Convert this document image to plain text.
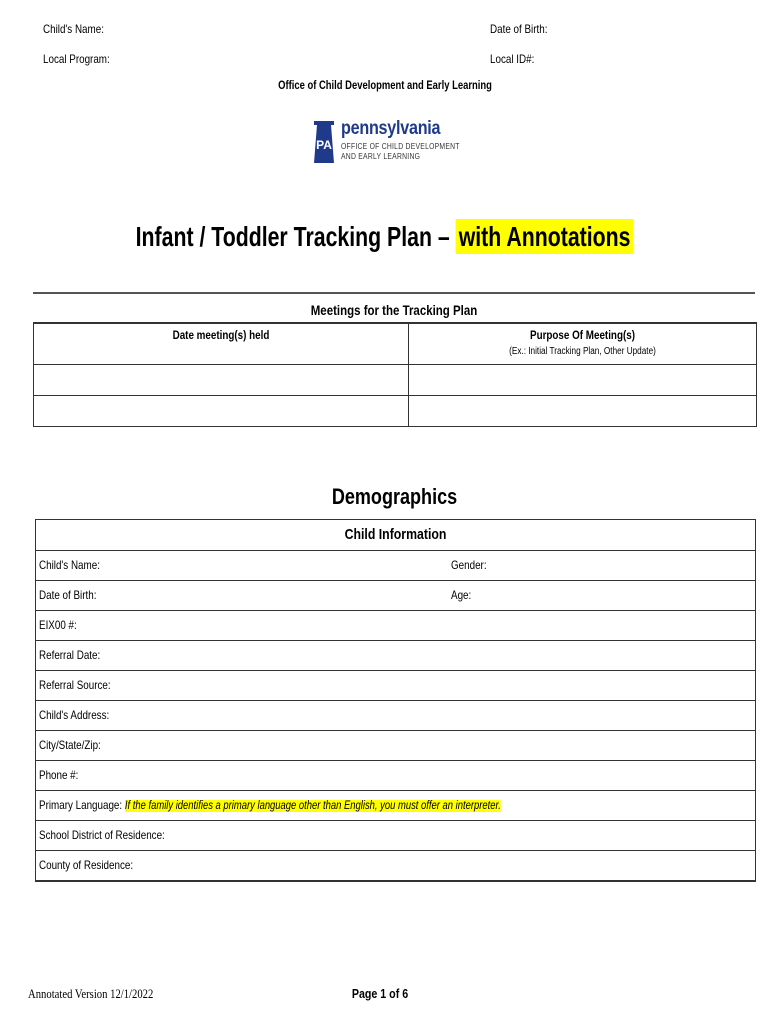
Child's Name:	Date of Birth:
Local Program:	Local ID#:
Office of Child Development and Early Learning
PA
pennsylvania
OFFICE OF CHILD DEVELOPMENT
AND EARLY LEARNING
Infant / Toddler Tracking Plan – with Annotations
Meetings for the Tracking Plan
Date meeting(s) held	Purpose Of Meeting(s)
(Ex.: Initial Tracking Plan, Other Update)
Demographics
Child Information
Child's Name:	Gender:
Date of Birth:	Age:
EIX00 #:
Referral Date:
Referral Source:
Child's Address:
City/State/Zip:
Phone #:
Primary Language: If the family identifies a primary language other than English, you must offer an interpreter.
School District of Residence:
County of Residence:
Annotated Version 12/1/2022	Page 1 of 6
